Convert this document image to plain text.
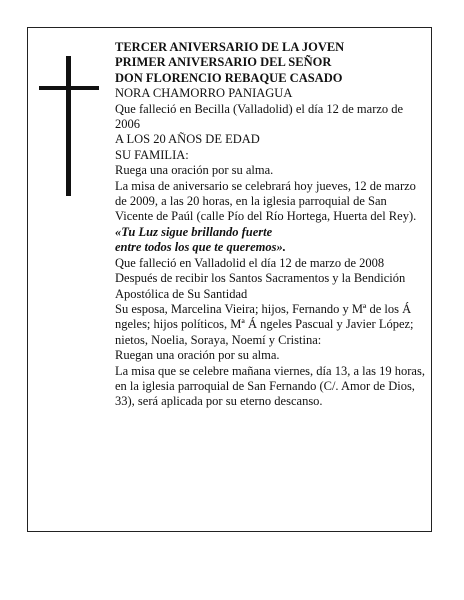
TERCER ANIVERSARIO DE LA JOVEN

PRIMER ANIVERSARIO DEL SEÑOR

DON FLORENCIO REBAQUE CASADO

NORA CHAMORRO PANIAGUA

Que falleció en Becilla (Valladolid) el día 12 de marzo de 2006

A LOS 20 AÑOS DE EDAD

SU FAMILIA:

Ruega una oración por su alma.

La misa de aniversario se celebrará hoy jueves, 12 de marzo de 2009, a las 20 horas, en la iglesia parroquial de San Vicente de Paúl (calle Pío del Río Hortega, Huerta del Rey).

«Tu Luz sigue brillando fuerte

entre todos los que te queremos».

Que falleció en Valladolid el día 12 de marzo de 2008

Después de recibir los Santos Sacramentos y la Bendición Apostólica de Su Santidad

Su esposa, Marcelina Vieira; hijos, Fernando y Mª de los Á ngeles; hijos políticos, Mª Á ngeles Pascual y Javier López; nietos, Noelia, Soraya, Noemí y Cristina:

Ruegan una oración por su alma.

La misa que se celebre mañana viernes, día 13, a las 19 horas, en la iglesia parroquial de San Fernando (C/. Amor de Dios, 33), será aplicada por su eterno descanso.
